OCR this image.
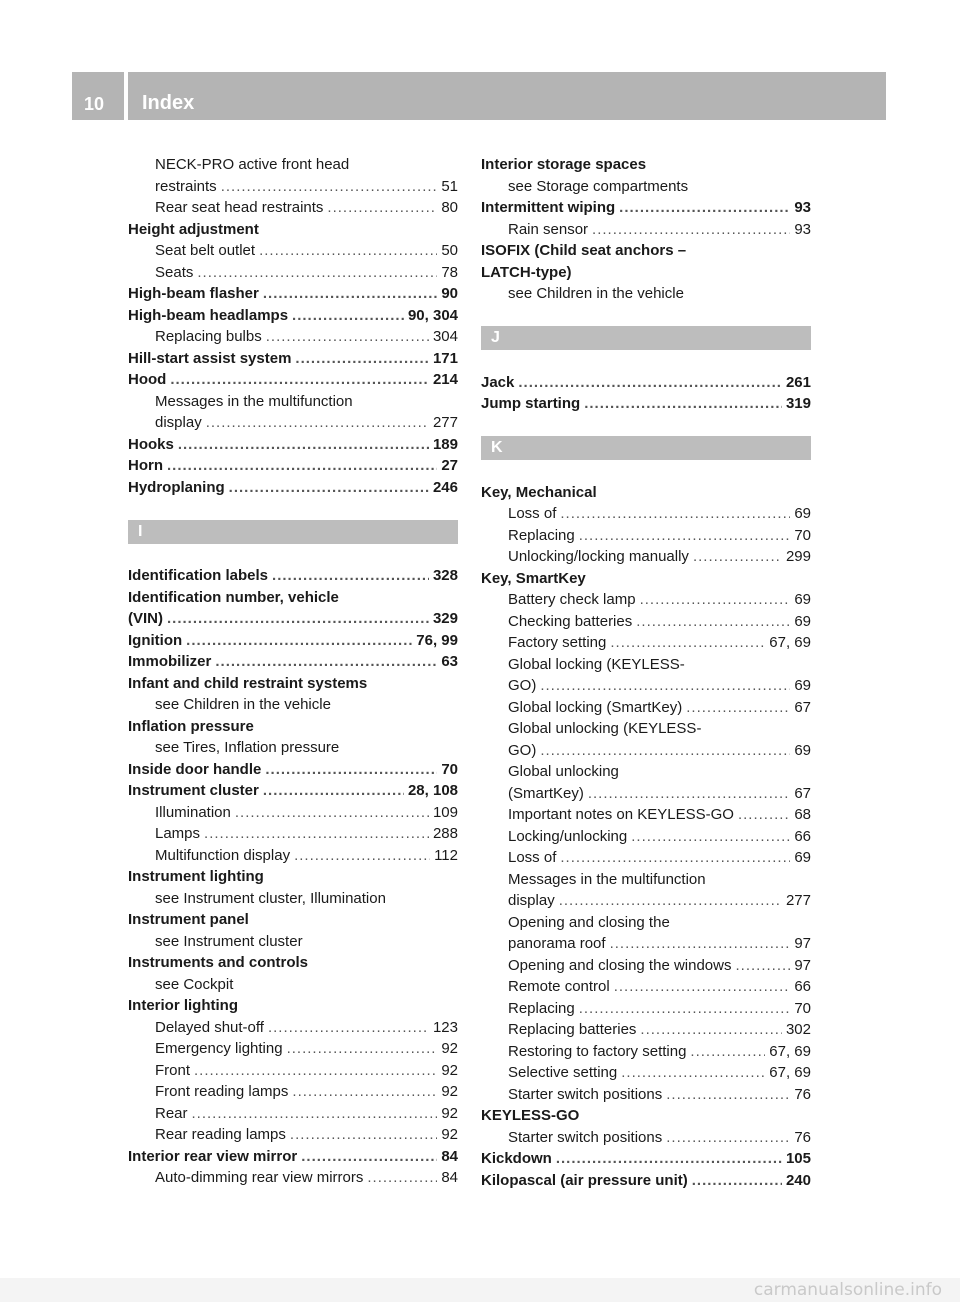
10 Index
NECK-PRO active front head
restraints .....	51
Rear seat head restraints .....	80
Height adjustment
Seat belt outlet .....	50
Seats .....	78
High-beam flasher .....	90
High-beam headlamps .....	90, 304
Replacing bulbs .....	304
Hill-start assist system .....	171
Hood .....	214
Messages in the multifunction
display .....	277
Hooks .....	189
Horn .....	27
Hydroplaning .....	246
I
Identification labels .....	328
Identification number, vehicle
(VIN) .....	329
Ignition .....	76, 99
Immobilizer .....	63
Infant and child restraint systems
see Children in the vehicle
Inflation pressure
see Tires, Inflation pressure
Inside door handle .....	70
Instrument cluster .....	28, 108
Illumination .....	109
Lamps .....	288
Multifunction display .....	112
Instrument lighting
see Instrument cluster, Illumination
Instrument panel
see Instrument cluster
Instruments and controls
see Cockpit
Interior lighting
Delayed shut-off .....	123
Emergency lighting .....	92
Front .....	92
Front reading lamps .....	92
Rear .....	92
Rear reading lamps .....	92
Interior rear view mirror .....	84
Auto-dimming rear view mirrors .....	84
Interior storage spaces
see Storage compartments
Intermittent wiping .....	93
Rain sensor .....	93
ISOFIX (Child seat anchors –
LATCH-type)
see Children in the vehicle
J
Jack .....	261
Jump starting .....	319
K
Key, Mechanical
Loss of .....	69
Replacing .....	70
Unlocking/locking manually .....	299
Key, SmartKey
Battery check lamp .....	69
Checking batteries .....	69
Factory setting .....	67, 69
Global locking (KEYLESS-
GO) .....	69
Global locking (SmartKey) .....	67
Global unlocking (KEYLESS-
GO) .....	69
Global unlocking
(SmartKey) .....	67
Important notes on KEYLESS-GO .....	68
Locking/unlocking .....	66
Loss of .....	69
Messages in the multifunction
display .....	277
Opening and closing the
panorama roof .....	97
Opening and closing the windows .....	97
Remote control .....	66
Replacing .....	70
Replacing batteries .....	302
Restoring to factory setting .....	67, 69
Selective setting .....	67, 69
Starter switch positions .....	76
KEYLESS-GO
Starter switch positions .....	76
Kickdown .....	105
Kilopascal (air pressure unit) .....	240
carmanualsonline.info
